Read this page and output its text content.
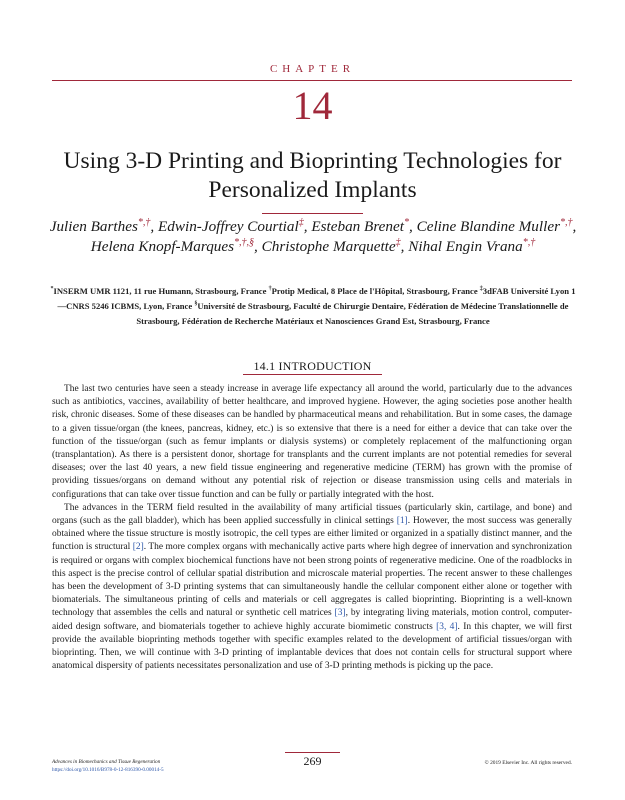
CHAPTER
14
Using 3-D Printing and Bioprinting Technologies for Personalized Implants
Julien Barthes*,†, Edwin-Joffrey Courtial‡, Esteban Brenet*, Celine Blandine Muller*,†, Helena Knopf-Marques*,†,§, Christophe Marquette‡, Nihal Engin Vrana*,†
*INSERM UMR 1121, 11 rue Humann, Strasbourg, France †Protip Medical, 8 Place de l'Hôpital, Strasbourg, France ‡3dFAB Université Lyon 1—CNRS 5246 ICBMS, Lyon, France §Université de Strasbourg, Faculté de Chirurgie Dentaire, Fédération de Médecine Translationnelle de Strasbourg, Fédération de Recherche Matériaux et Nanosciences Grand Est, Strasbourg, France
14.1 INTRODUCTION

The last two centuries have seen a steady increase in average life expectancy all around the world, particularly due to the advances such as antibiotics, vaccines, availability of better healthcare, and improved hygiene. However, the aging societies pose another health risk, chronic diseases. Some of these diseases can be handled by pharmaceutical means and rehabilitation. But in some cases, the damage to a given tissue/organ (the knees, pancreas, kidney, etc.) is so extensive that there is a need for either a device that can take over the function of the tissue/organ (such as femur implants or dialysis systems) or completely replacement of the malfunctioning organ (transplantation). As there is a persistent donor, shortage for transplants and the current implants are not potential remedies for several diseases; over the last 40 years, a new field tissue engineering and regenerative medicine (TERM) has grown with the promise of providing tissues/organs on demand without any potential risk of rejection or disease transmission using cells and materials in configurations that can take over tissue function and can be fully or partially integrated with the host.

The advances in the TERM field resulted in the availability of many artificial tissues (particularly skin, cartilage, and bone) and organs (such as the gall bladder), which has been applied successfully in clinical settings [1]. However, the most success was generally obtained where the tissue structure is mostly isotropic, the cell types are either limited or organized in a spatially distinct manner, and the function is structural [2]. The more complex organs with mechanically active parts where high degree of innervation and synchronization is required or organs with complex biochemical functions have not been strong points of regenerative medicine. One of the roadblocks in this aspect is the precise control of cellular spatial distribution and microscale material properties. The recent answer to these challenges has been the development of 3-D printing systems that can simultaneously handle the cellular component either alone or together with biomaterials. The simultaneous printing of cells and materials or cell aggregates is called bioprinting. Bioprinting is a well-known technology that assembles the cells and natural or synthetic cell matrices [3], by integrating living materials, motion control, computer-aided design software, and biomaterials together to achieve highly accurate biomimetic constructs [3, 4]. In this chapter, we will first provide the available bioprinting methods together with specific examples related to the development of artificial tissues/organ with bioprinting. Then, we will continue with 3-D printing of implantable devices that does not contain cells for structural support where anatomical dispersity of patients necessitates personalization and use of 3-D printing methods is picking up the pace.

Advances in Biomechanics and Tissue Regeneration
https://doi.org/10.1016/B978-0-12-816390-0.00014-5
269	© 2019 Elsevier Inc. All rights reserved.
